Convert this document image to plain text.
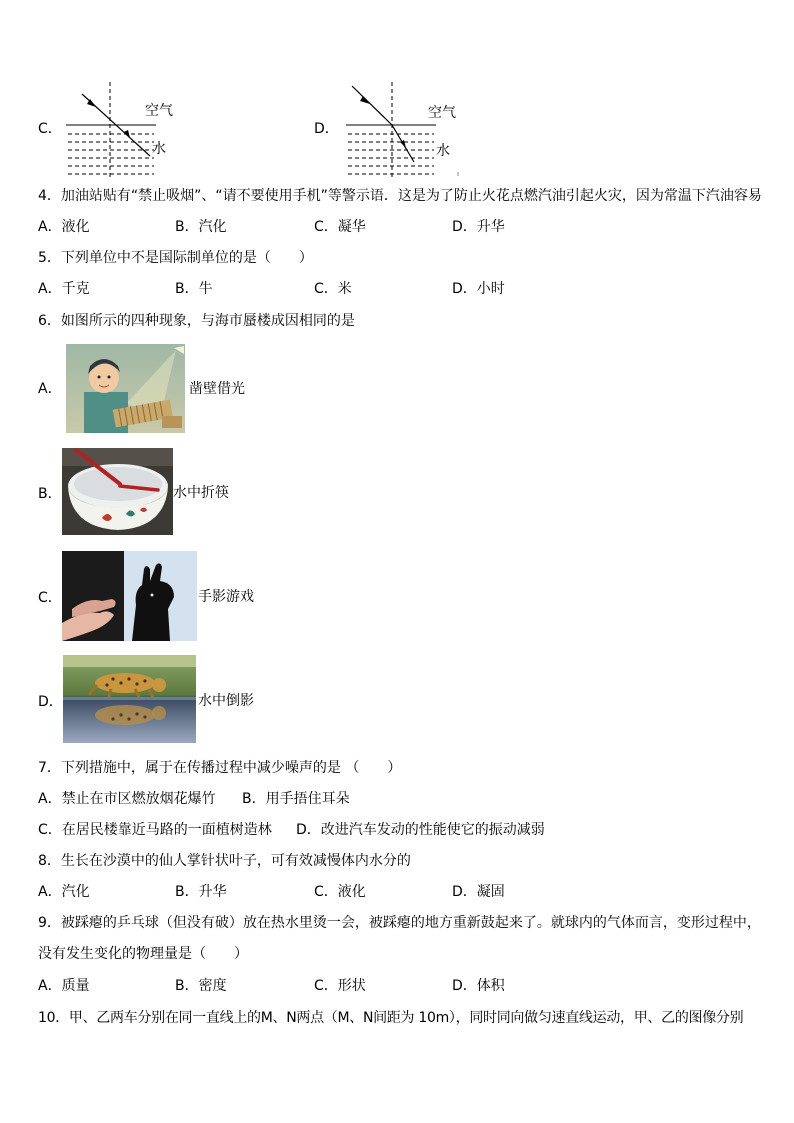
C．
空气
水
D．
空气
水
4．加油站贴有“禁止吸烟”、“请不要使用手机”等警示语．这是为了防止火花点燃汽油引起火灾，因为常温下汽油容易
A．液化	B．汽化	C．凝华	D．升华
5．下列单位中不是国际制单位的是（　　）
A．千克	B．牛	C．米	D．小时
6．如图所示的四种现象，与海市蜃楼成因相同的是
A．	凿壁借光
B．	水中折筷
C．	手影游戏
D．	水中倒影
7．下列措施中，属于在传播过程中减少噪声的是 （　　）
A．禁止在市区燃放烟花爆竹 B．用手捂住耳朵
C．在居民楼靠近马路的一面植树造林 D．改进汽车发动的性能使它的振动减弱
8．生长在沙漠中的仙人掌针状叶子，可有效减慢体内水分的
A．汽化	B．升华	C．液化	D．凝固
9．被踩瘪的乒乓球（但没有破）放在热水里烫一会，被踩瘪的地方重新鼓起来了。就球内的气体而言，变形过程中，
没有发生变化的物理量是（　　）
A．质量	B．密度	C．形状	D．体积
10．甲、乙两车分别在同一直线上的M、N两点（M、N间距为 10m），同时同向做匀速直线运动，甲、乙的图像分别
